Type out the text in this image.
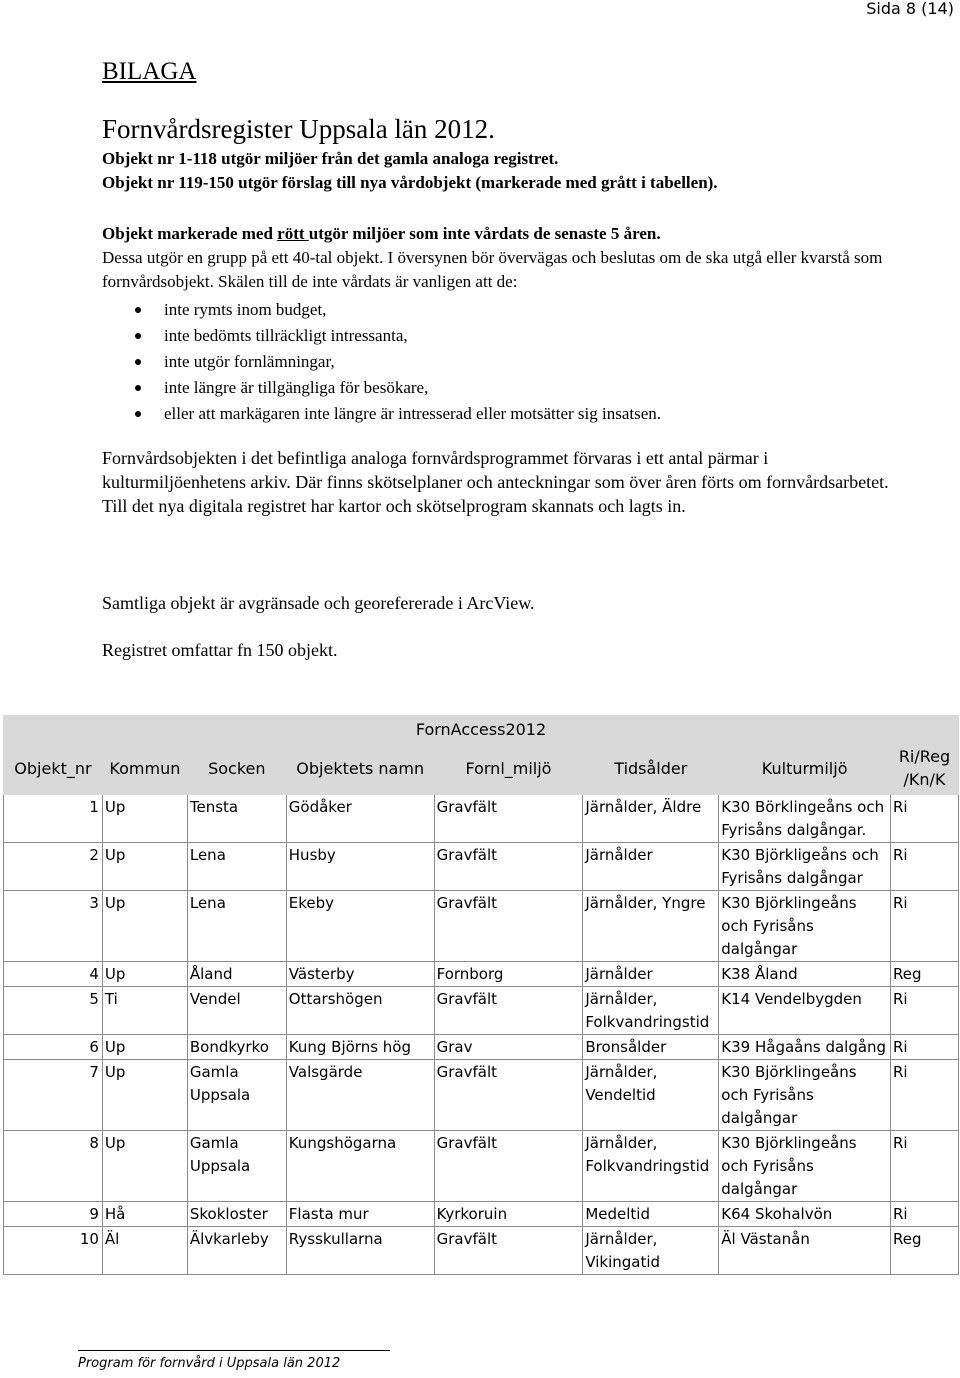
Sida 8 (14)
BILAGA
Fornvårdsregister Uppsala län 2012.
Objekt nr 1-118 utgör miljöer från det gamla analoga registret.
Objekt nr 119-150 utgör förslag till nya vårdobjekt (markerade med grått i tabellen).
Objekt markerade med rött utgör miljöer som inte vårdats de senaste 5 åren.
Dessa utgör en grupp på ett 40-tal objekt. I översynen bör övervägas och beslutas om de ska utgå eller kvarstå som fornvårdsobjekt. Skälen till de inte vårdats är vanligen att de:
inte rymts inom budget,
inte bedömts tillräckligt intressanta,
inte utgör fornlämningar,
inte längre är tillgängliga för besökare,
eller att markägaren inte längre är intresserad eller motsätter sig insatsen.
Fornvårdsobjekten i det befintliga analoga fornvårdsprogrammet förvaras i ett antal pärmar i kulturmiljöenhetens arkiv. Där finns skötselplaner och anteckningar som över åren förts om fornvårdsarbetet. Till det nya digitala registret har kartor och skötselprogram skannats och lagts in.
Samtliga objekt är avgränsade och georefererade i ArcView.
Registret omfattar fn 150 objekt.
FornAccess2012							
Objekt_nr	Kommun	Socken	Objektets namn	Fornl_miljö	Tidsålder	Kulturmiljö	Ri/Reg /Kn/K
1	Up	Tensta	Gödåker	Gravfält	Järnålder, Äldre	K30 Börklingeåns och Fyrisåns dalgångar.	Ri
2	Up	Lena	Husby	Gravfält	Järnålder	K30 Björkligeåns och Fyrisåns dalgångar	Ri
3	Up	Lena	Ekeby	Gravfält	Järnålder, Yngre	K30 Björklingeåns och Fyrisåns dalgångar	Ri
4	Up	Åland	Västerby	Fornborg	Järnålder	K38 Åland	Reg
5	Ti	Vendel	Ottarshögen	Gravfält	Järnålder, Folkvandringstid	K14 Vendelbygden	Ri
6	Up	Bondkyrko	Kung Björns hög	Grav	Bronsålder	K39 Hågaåns dalgång	Ri
7	Up	Gamla Uppsala	Valsgärde	Gravfält	Järnålder, Vendeltid	K30 Björklingeåns och Fyrisåns dalgångar	Ri
8	Up	Gamla Uppsala	Kungshögarna	Gravfält	Järnålder, Folkvandringstid	K30 Björklingeåns och Fyrisåns dalgångar	Ri
9	Hå	Skokloster	Flasta mur	Kyrkoruin	Medeltid	K64 Skohalvön	Ri
10	Äl	Älvkarleby	Rysskullarna	Gravfält	Järnålder, Vikingatid	Äl Västanån	Reg
Program för fornvård i Uppsala län 2012
